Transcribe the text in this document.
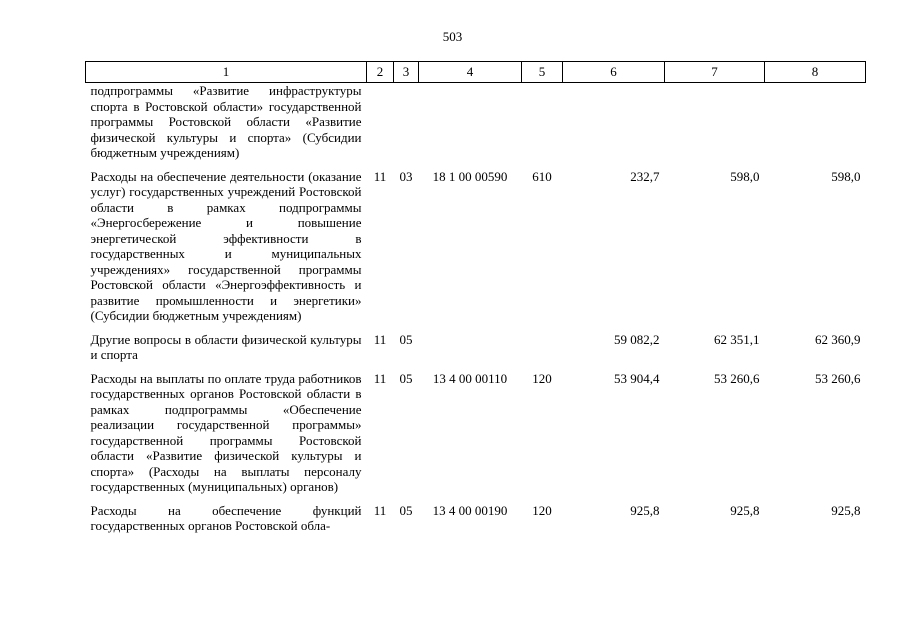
503
1	2	3	4	5	6	7	8
подпрограммы «Развитие инфраструктуры спорта в Ростовской области» государственной программы Ростовской области «Развитие физической культуры и спорта» (Субсидии бюджетным учреждениям)							
Расходы на обеспечение деятельности (оказание услуг) государственных учреждений Ростовской области в рамках подпрограммы «Энергосбережение и повышение энергетической эффективности в государственных и муниципальных учреждениях» государственной программы Ростовской области «Энергоэффективность и развитие промышленности и энергетики» (Субсидии бюджетным учреждениям)	11	03	18 1 00 00590	610	232,7	598,0	598,0
Другие вопросы в области физической культуры и спорта	11	05			59 082,2	62 351,1	62 360,9
Расходы на выплаты по оплате труда работников государственных органов Ростовской области в рамках подпрограммы «Обеспечение реализации государственной программы» государственной программы Ростовской области «Развитие физической культуры и спорта» (Расходы на выплаты персоналу государственных (муниципальных) органов)	11	05	13 4 00 00110	120	53 904,4	53 260,6	53 260,6
Расходы на обеспечение функций государственных органов Ростовской обла-	11	05	13 4 00 00190	120	925,8	925,8	925,8
